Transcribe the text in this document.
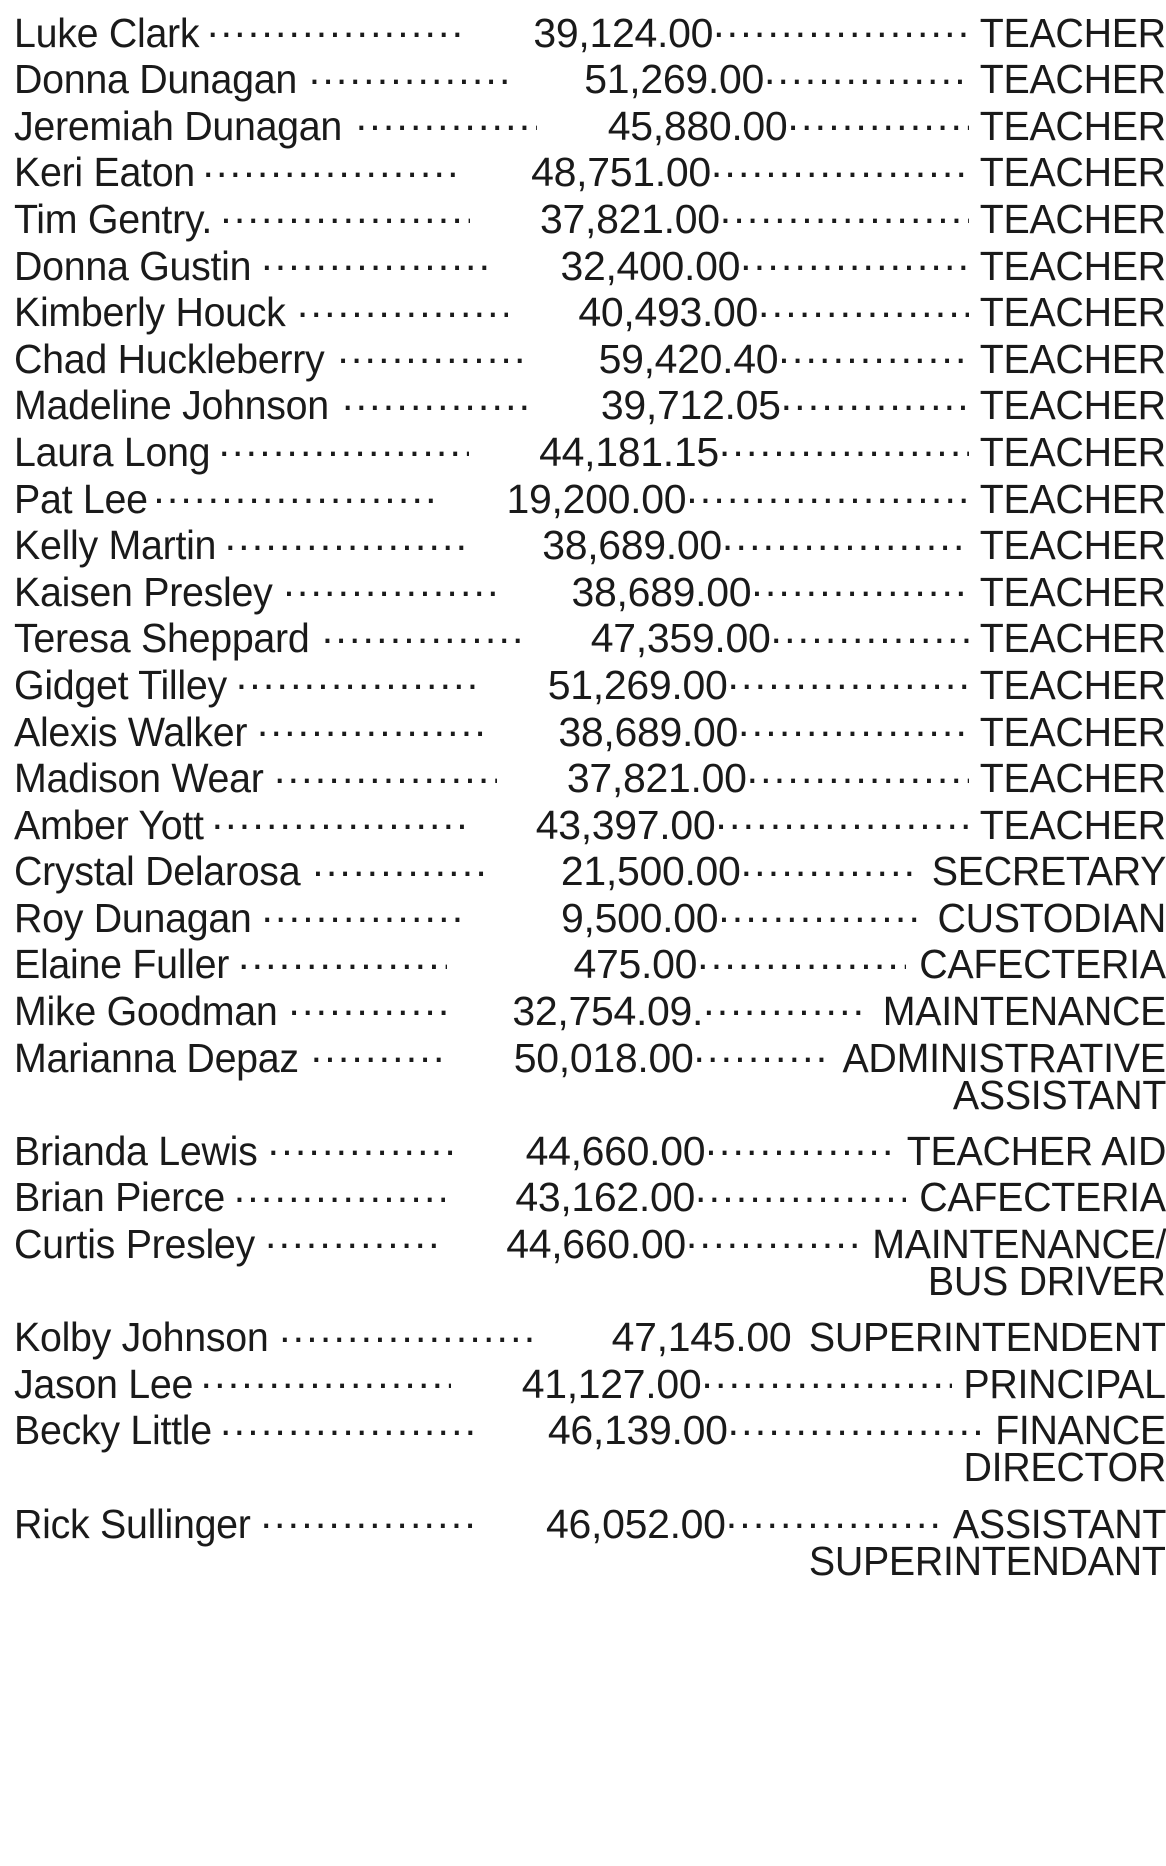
Luke Clark .....	39,124.00 .....	TEACHER
Donna Dunagan .....	51,269.00 .....	TEACHER
Jeremiah Dunagan .....	45,880.00 .....	TEACHER
Keri Eaton .....	48,751.00 .....	TEACHER
Tim Gentry. .....	37,821.00 .....	TEACHER
Donna Gustin .....	32,400.00 .....	TEACHER
Kimberly Houck .....	40,493.00 .....	TEACHER
Chad Huckleberry .....	59,420.40 .....	TEACHER
Madeline Johnson .....	39,712.05 .....	TEACHER
Laura Long .....	44,181.15 .....	TEACHER
Pat Lee .....	19,200.00 .....	TEACHER
Kelly Martin .....	38,689.00 .....	TEACHER
Kaisen Presley .....	38,689.00 .....	TEACHER
Teresa Sheppard .....	47,359.00 .....	TEACHER
Gidget Tilley .....	51,269.00 .....	TEACHER
Alexis Walker .....	38,689.00 .....	TEACHER
Madison Wear .....	37,821.00 .....	TEACHER
Amber Yott .....	43,397.00 .....	TEACHER
Crystal Delarosa .....	21,500.00 .....	SECRETARY
Roy Dunagan .....	9,500.00 .....	CUSTODIAN
Elaine Fuller .....	475.00 .....	CAFECTERIA
Mike Goodman .....	32,754.09. .....	MAINTENANCE
Marianna Depaz .....	50,018.00 .....	ADMINISTRATIVE
ASSISTANT
Brianda Lewis .....	44,660.00 .....	TEACHER AID
Brian Pierce .....	43,162.00 .....	CAFECTERIA
Curtis Presley .....	44,660.00 .....	MAINTENANCE/
BUS DRIVER
Kolby Johnson .....	47,145.00 SUPERINTENDENT
Jason Lee .....	41,127.00 .....	PRINCIPAL
Becky Little .....	46,139.00 .....	FINANCE
DIRECTOR
Rick Sullinger .....	46,052.00 .....	ASSISTANT
SUPERINTENDANT
